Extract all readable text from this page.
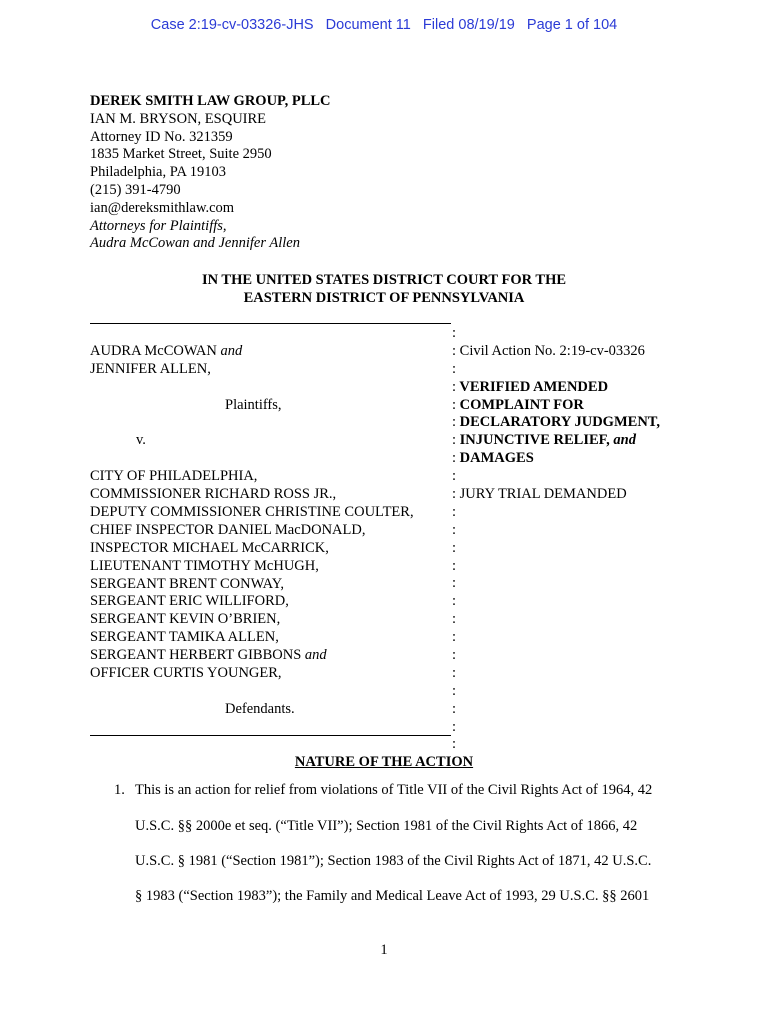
Case 2:19-cv-03326-JHS   Document 11   Filed 08/19/19   Page 1 of 104
DEREK SMITH LAW GROUP, PLLC
IAN M. BRYSON, ESQUIRE
Attorney ID No. 321359
1835 Market Street, Suite 2950
Philadelphia, PA 19103
(215) 391-4790
ian@dereksmithlaw.com
Attorneys for Plaintiffs,
Audra McCowan and Jennifer Allen
IN THE UNITED STATES DISTRICT COURT FOR THE
EASTERN DISTRICT OF PENNSYLVANIA
AUDRA McCOWAN and
JENNIFER ALLEN,
Plaintiffs,
v.
CITY OF PHILADELPHIA,
COMMISSIONER RICHARD ROSS JR.,
DEPUTY COMMISSIONER CHRISTINE COULTER,
CHIEF INSPECTOR DANIEL MacDONALD,
INSPECTOR MICHAEL McCARRICK,
LIEUTENANT TIMOTHY McHUGH,
SERGEANT BRENT CONWAY,
SERGEANT ERIC WILLIFORD,
SERGEANT KEVIN O’BRIEN,
SERGEANT TAMIKA ALLEN,
SERGEANT HERBERT GIBBONS and
OFFICER CURTIS YOUNGER,
Defendants.
:
: Civil Action No. 2:19-cv-03326
:
: VERIFIED AMENDED
: COMPLAINT FOR
: DECLARATORY JUDGMENT,
: INJUNCTIVE RELIEF, and
: DAMAGES
:
: JURY TRIAL DEMANDED
:
:
:
:
:
:
:
:
:
:
:
:
:
:
NATURE OF THE ACTION
1. This is an action for relief from violations of Title VII of the Civil Rights Act of 1964, 42
U.S.C. §§ 2000e et seq. (“Title VII”); Section 1981 of the Civil Rights Act of 1866, 42
U.S.C. § 1981 (“Section 1981”); Section 1983 of the Civil Rights Act of 1871, 42 U.S.C.
§ 1983 (“Section 1983”); the Family and Medical Leave Act of 1993, 29 U.S.C. §§ 2601
1
